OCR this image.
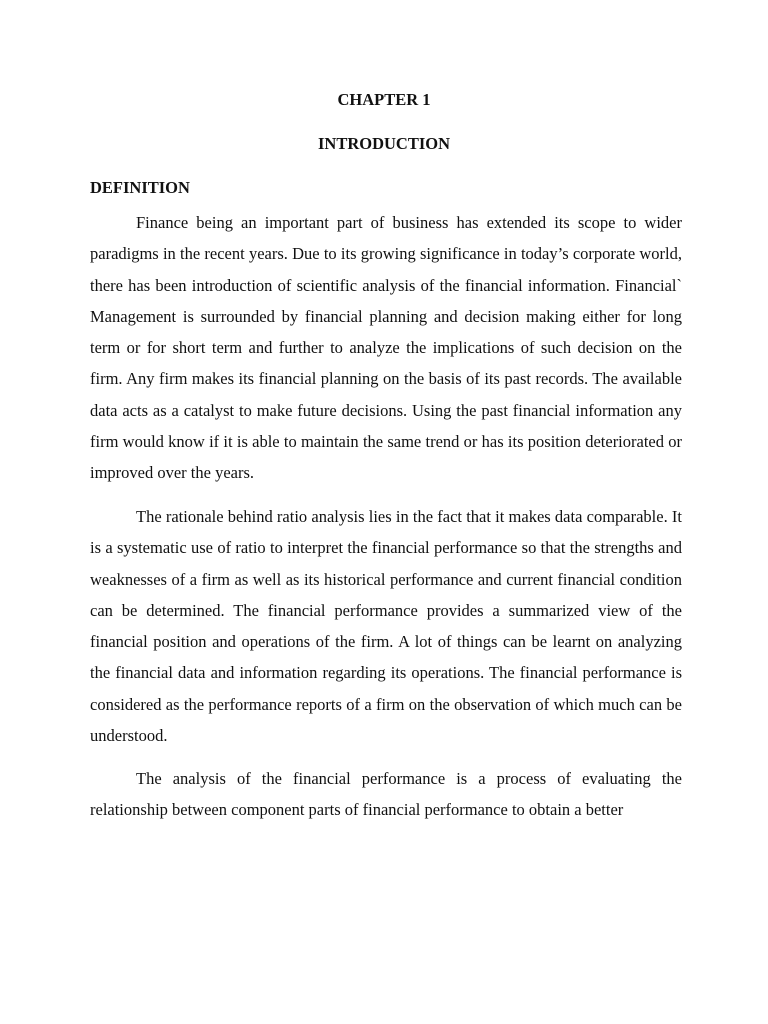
CHAPTER 1
INTRODUCTION
DEFINITION

Finance being an important part of business has extended its scope to wider paradigms in the recent years. Due to its growing significance in today’s corporate world, there has been introduction of scientific analysis of the financial information. Financial` Management is surrounded by financial planning and decision making either for long term or for short term and further to analyze the implications of such decision on the firm. Any firm makes its financial planning on the basis of its past records. The available data acts as a catalyst to make future decisions. Using the past financial information any firm would know if it is able to maintain the same trend or has its position deteriorated or improved over the years.

The rationale behind ratio analysis lies in the fact that it makes data comparable. It is a systematic use of ratio to interpret the financial performance so that the strengths and weaknesses of a firm as well as its historical performance and current financial condition can be determined. The financial performance provides a summarized view of the financial position and operations of the firm. A lot of things can be learnt on analyzing the financial data and information regarding its operations. The financial performance is considered as the performance reports of a firm on the observation of which much can be understood.

The analysis of the financial performance is a process of evaluating the relationship between component parts of financial performance to obtain a better
